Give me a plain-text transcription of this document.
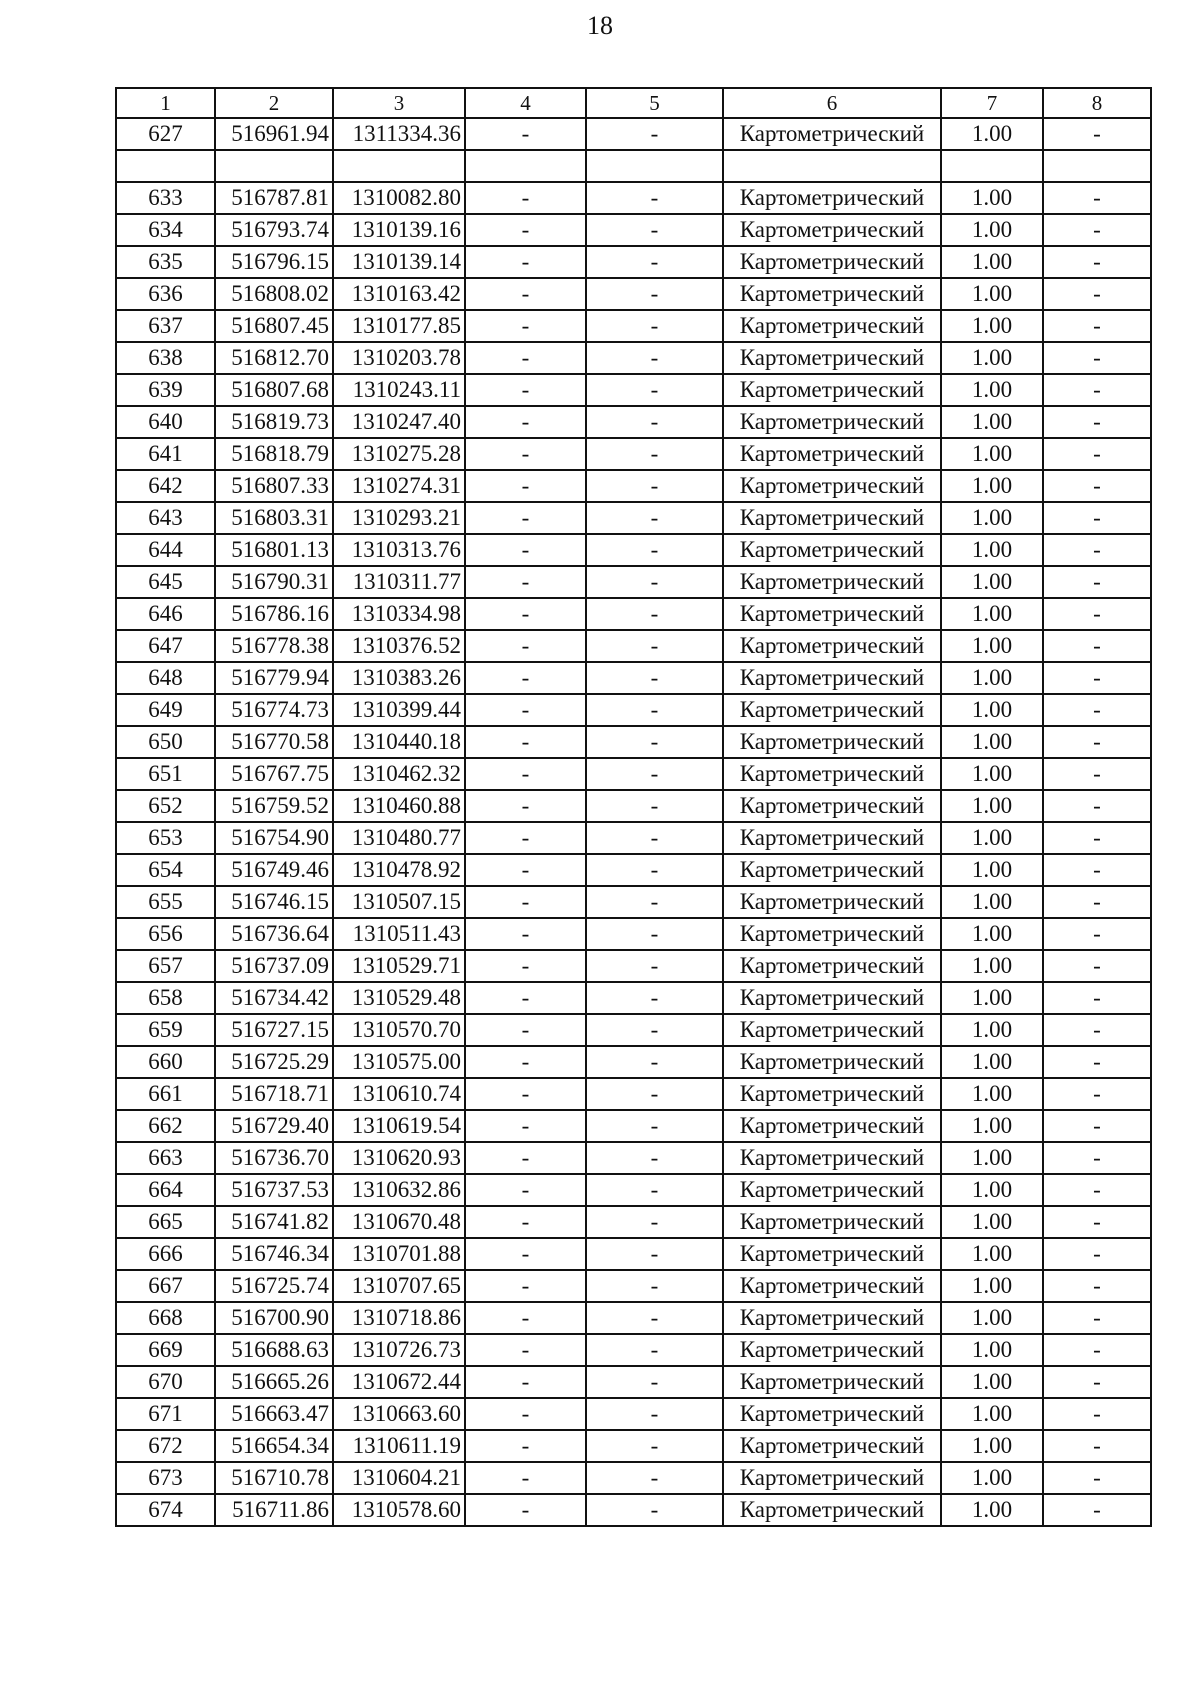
18
1	2	3	4	5	6	7	8
627	516961.94	1311334.36	-	-	Картометрический	1.00	-

633	516787.81	1310082.80	-	-	Картометрический	1.00	-
634	516793.74	1310139.16	-	-	Картометрический	1.00	-
635	516796.15	1310139.14	-	-	Картометрический	1.00	-
636	516808.02	1310163.42	-	-	Картометрический	1.00	-
637	516807.45	1310177.85	-	-	Картометрический	1.00	-
638	516812.70	1310203.78	-	-	Картометрический	1.00	-
639	516807.68	1310243.11	-	-	Картометрический	1.00	-
640	516819.73	1310247.40	-	-	Картометрический	1.00	-
641	516818.79	1310275.28	-	-	Картометрический	1.00	-
642	516807.33	1310274.31	-	-	Картометрический	1.00	-
643	516803.31	1310293.21	-	-	Картометрический	1.00	-
644	516801.13	1310313.76	-	-	Картометрический	1.00	-
645	516790.31	1310311.77	-	-	Картометрический	1.00	-
646	516786.16	1310334.98	-	-	Картометрический	1.00	-
647	516778.38	1310376.52	-	-	Картометрический	1.00	-
648	516779.94	1310383.26	-	-	Картометрический	1.00	-
649	516774.73	1310399.44	-	-	Картометрический	1.00	-
650	516770.58	1310440.18	-	-	Картометрический	1.00	-
651	516767.75	1310462.32	-	-	Картометрический	1.00	-
652	516759.52	1310460.88	-	-	Картометрический	1.00	-
653	516754.90	1310480.77	-	-	Картометрический	1.00	-
654	516749.46	1310478.92	-	-	Картометрический	1.00	-
655	516746.15	1310507.15	-	-	Картометрический	1.00	-
656	516736.64	1310511.43	-	-	Картометрический	1.00	-
657	516737.09	1310529.71	-	-	Картометрический	1.00	-
658	516734.42	1310529.48	-	-	Картометрический	1.00	-
659	516727.15	1310570.70	-	-	Картометрический	1.00	-
660	516725.29	1310575.00	-	-	Картометрический	1.00	-
661	516718.71	1310610.74	-	-	Картометрический	1.00	-
662	516729.40	1310619.54	-	-	Картометрический	1.00	-
663	516736.70	1310620.93	-	-	Картометрический	1.00	-
664	516737.53	1310632.86	-	-	Картометрический	1.00	-
665	516741.82	1310670.48	-	-	Картометрический	1.00	-
666	516746.34	1310701.88	-	-	Картометрический	1.00	-
667	516725.74	1310707.65	-	-	Картометрический	1.00	-
668	516700.90	1310718.86	-	-	Картометрический	1.00	-
669	516688.63	1310726.73	-	-	Картометрический	1.00	-
670	516665.26	1310672.44	-	-	Картометрический	1.00	-
671	516663.47	1310663.60	-	-	Картометрический	1.00	-
672	516654.34	1310611.19	-	-	Картометрический	1.00	-
673	516710.78	1310604.21	-	-	Картометрический	1.00	-
674	516711.86	1310578.60	-	-	Картометрический	1.00	-
